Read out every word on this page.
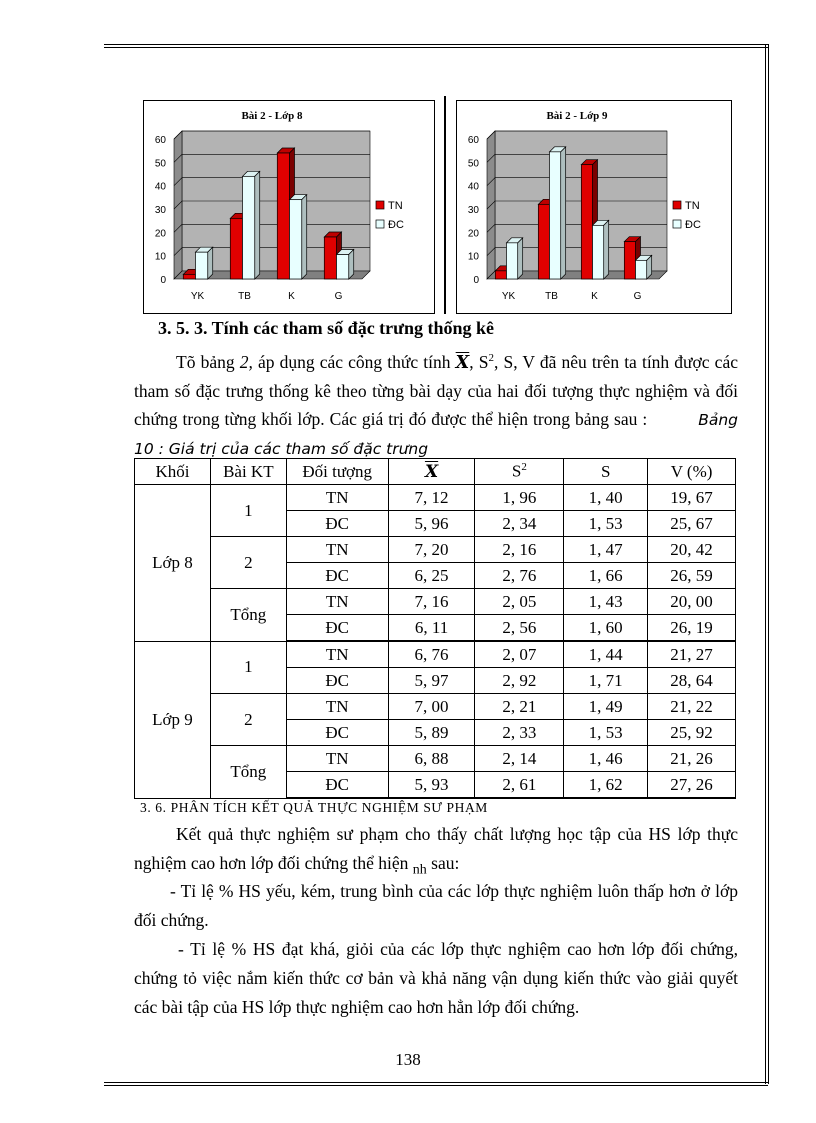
Bài 2 - Lớp 8
0
10
20
30
40
50
60
YK	TB	K	G
TN
ĐC
Bài 2 - Lớp 9
0
10
20
30
40
50
60
YK	TB	K	G
TN
ĐC
3. 5. 3. Tính các tham số đặc trưng thống kê
Tõ bảng 2, áp dụng các công thức tính $\overline{X}$, $S^2$, S, V đã nêu trên ta tính được các tham số đặc trưng thống kê theo từng bài dạy của hai đối tượng thực nghiệm và đối chứng trong từng khối lớp. Các giá trị đó được thể hiện trong bảng sau :	Bảng 10 : Giá trị của các tham số đặc trưng
Khối	Bài KT	Đối tượng	$\overline{X}$	$S^2$	S	V (%)
Lớp 8	1	TN	7, 12	1, 96	1, 40	19, 67
		ĐC	5, 96	2, 34	1, 53	25, 67
	2	TN	7, 20	2, 16	1, 47	20, 42
		ĐC	6, 25	2, 76	1, 66	26, 59
	Tổng	TN	7, 16	2, 05	1, 43	20, 00
		ĐC	6, 11	2, 56	1, 60	26, 19
Lớp 9	1	TN	6, 76	2, 07	1, 44	21, 27
		ĐC	5, 97	2, 92	1, 71	28, 64
	2	TN	7, 00	2, 21	1, 49	21, 22
		ĐC	5, 89	2, 33	1, 53	25, 92
	Tổng	TN	6, 88	2, 14	1, 46	21, 26
		ĐC	5, 93	2, 61	1, 62	27, 26
3. 6. PHÂN TÍCH KẾT QUẢ THỰC NGHIỆM SƯ PHẠM
Kết quả thực nghiệm sư phạm cho thấy chất lượng học tập của HS lớp thực nghiệm cao hơn lớp đối chứng thể hiện $_{nh}$ sau:
- Tỉ lệ % HS yếu, kém, trung bình của các lớp thực nghiệm luôn thấp hơn ở lớp đối chứng.
- Tỉ lệ % HS đạt khá, giỏi của các lớp thực nghiệm cao hơn lớp đối chứng, chứng tỏ việc nắm kiến thức cơ bản và khả năng vận dụng kiến thức vào giải quyết các bài tập của HS lớp thực nghiệm cao hơn hẳn lớp đối chứng.
138
